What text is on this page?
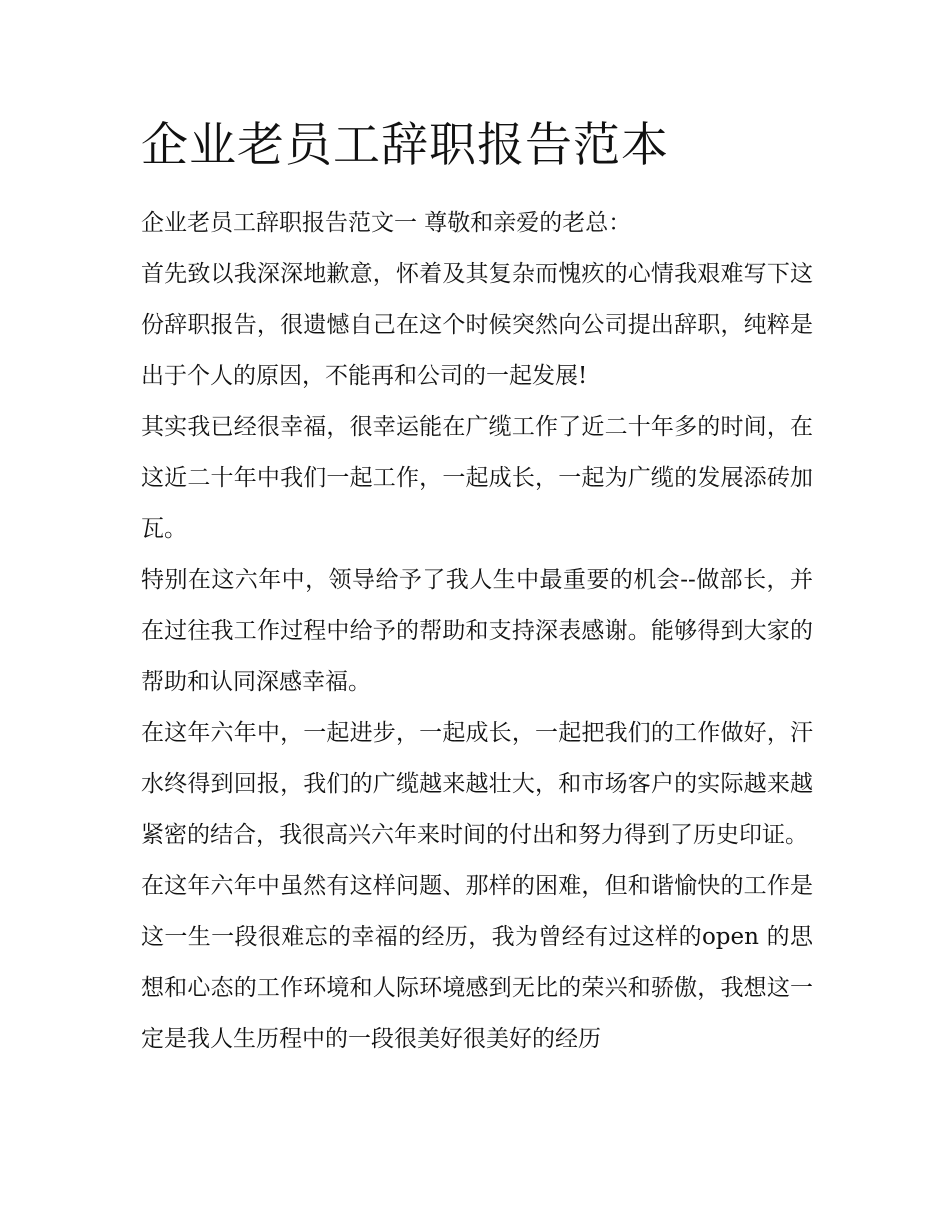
企业老员工辞职报告范本

企业老员工辞职报告范文一 尊敬和亲爱的老总：

首先致以我深深地歉意，怀着及其复杂而愧疚的心情我艰难写下这份辞职报告，很遗憾自己在这个时候突然向公司提出辞职，纯粹是出于个人的原因，不能再和公司的一起发展!

其实我已经很幸福，很幸运能在广缆工作了近二十年多的时间，在这近二十年中我们一起工作，一起成长，一起为广缆的发展添砖加瓦。

特别在这六年中，领导给予了我人生中最重要的机会--做部长，并在过往我工作过程中给予的帮助和支持深表感谢。能够得到大家的帮助和认同深感幸福。

在这年六年中，一起进步，一起成长，一起把我们的工作做好，汗水终得到回报，我们的广缆越来越壮大，和市场客户的实际越来越紧密的结合，我很高兴六年来时间的付出和努力得到了历史印证。

在这年六年中虽然有这样问题、那样的困难，但和谐愉快的工作是这一生一段很难忘的幸福的经历，我为曾经有过这样的open 的思想和心态的工作环境和人际环境感到无比的荣兴和骄傲，我想这一定是我人生历程中的一段很美好很美好的经历
